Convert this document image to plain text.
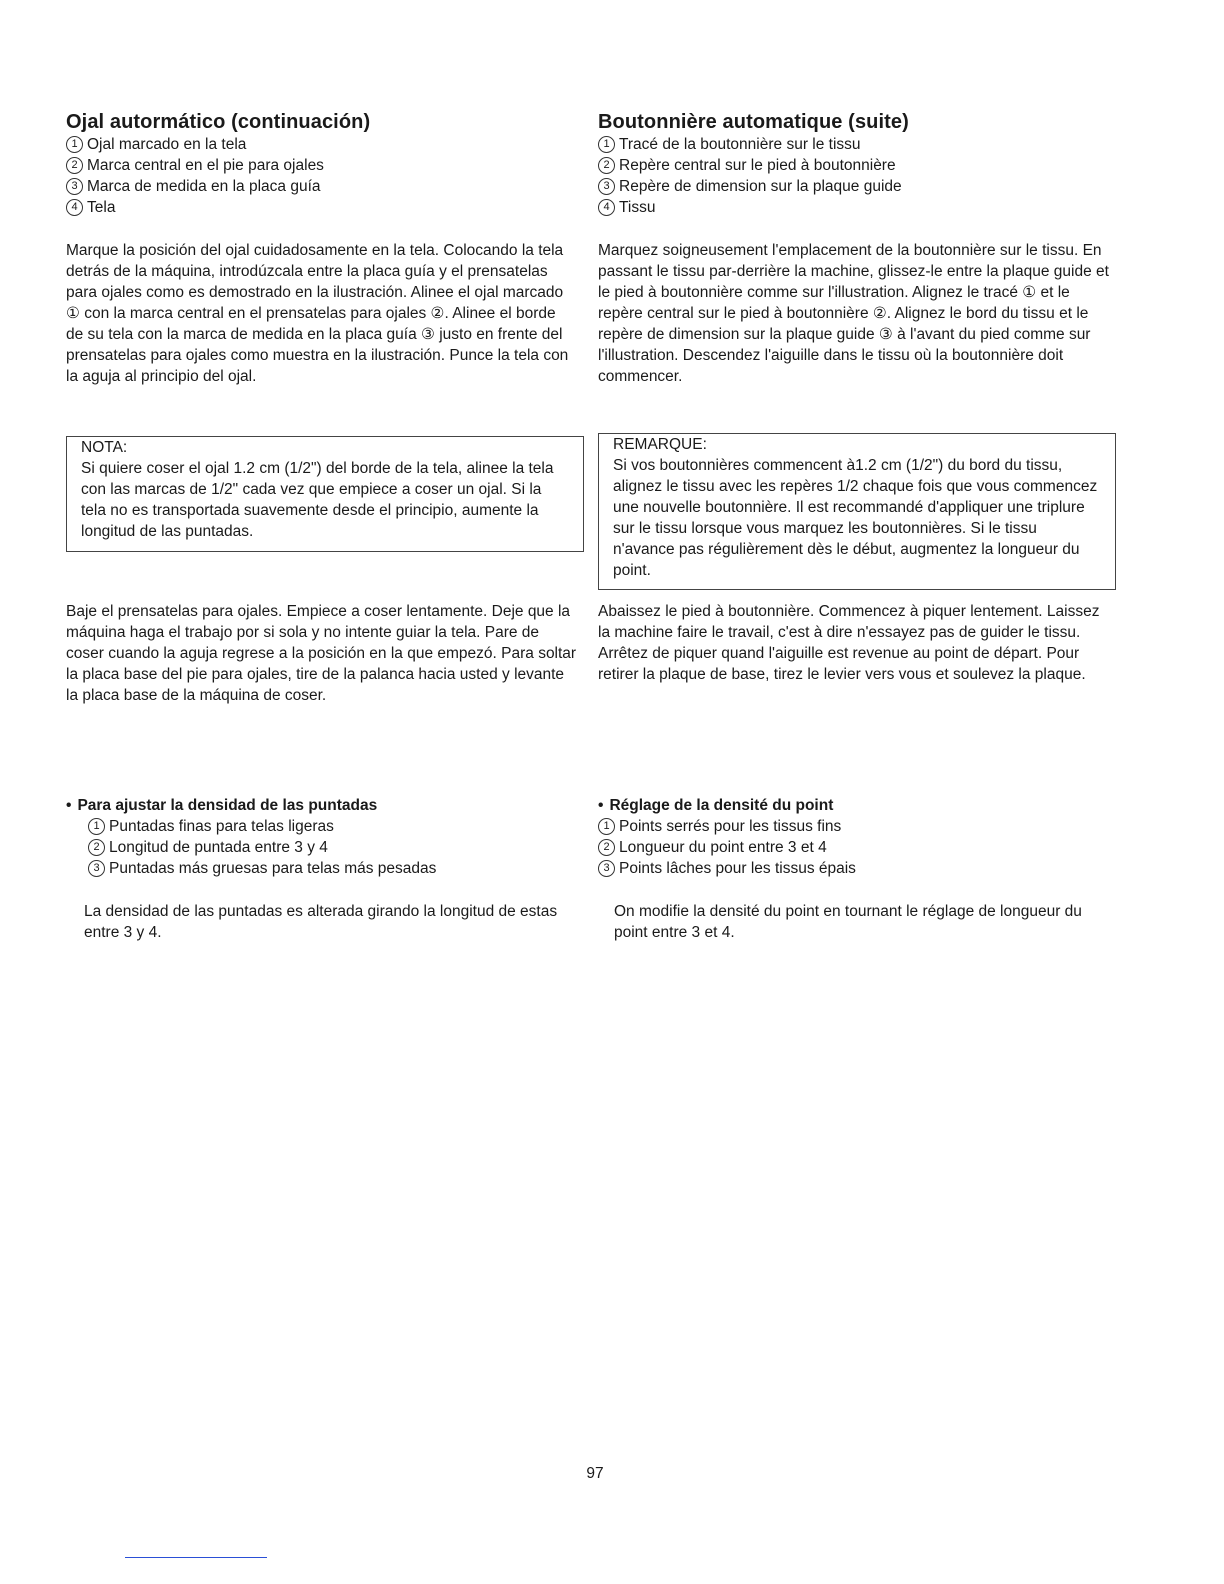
Ojal autormático (continuación)
1 Ojal marcado en la tela
2 Marca central en el pie para ojales
3 Marca de medida en la placa guía
4 Tela

Marque la posición del ojal cuidadosamente en la tela. Colocando la tela detrás de la máquina, introdúzcala entre la placa guía y el prensatelas para ojales como es demostrado en la ilustración. Alinee el ojal marcado ① con la marca central en el prensatelas para ojales ②. Alinee el borde de su tela con la marca de medida en la placa guía ③ justo en frente del prensatelas para ojales como muestra en la ilustración. Punce la tela con la aguja al principio del ojal.

NOTA:

Si quiere coser el ojal 1.2 cm (1/2") del borde de la tela, alinee la tela con las marcas de 1/2" cada vez que empiece a coser un ojal. Si la tela no es transportada suavemente desde el principio, aumente la longitud de las puntadas.

Baje el prensatelas para ojales. Empiece a coser lentamente. Deje que la máquina haga el trabajo por si sola y no intente guiar la tela. Pare de coser cuando la aguja regrese a la posición en la que empezó. Para soltar la placa base del pie para ojales, tire de la palanca hacia usted y levante la placa base de la máquina de coser.

• Para ajustar la densidad de las puntadas
1 Puntadas finas para telas ligeras
2 Longitud de puntada entre 3 y 4
3 Puntadas más gruesas para telas más pesadas

La densidad de las puntadas es alterada girando la longitud de estas entre 3 y 4.

Boutonnière automatique (suite)
1 Tracé de la boutonnière sur le tissu
2 Repère central sur le pied à boutonnière
3 Repère de dimension sur la plaque guide
4 Tissu

Marquez soigneusement l'emplacement de la boutonnière sur le tissu. En passant le tissu par-derrière la machine, glissez-le entre la plaque guide et le pied à boutonnière comme sur l'illustration. Alignez le tracé ① et le repère central sur le pied à boutonnière ②. Alignez le bord du tissu et le repère de dimension sur la plaque guide ③ à l'avant du pied comme sur l'illustration. Descendez l'aiguille dans le tissu où la boutonnière doit commencer.

REMARQUE:

Si vos boutonnières commencent à1.2 cm (1/2") du bord du tissu, alignez le tissu avec les repères 1/2 chaque fois que vous commencez une nouvelle boutonnière. Il est recommandé d'appliquer une triplure sur le tissu lorsque vous marquez les boutonnières. Si le tissu n'avance pas régulièrement dès le début, augmentez la longueur du point.

Abaissez le pied à boutonnière. Commencez à piquer lentement. Laissez la machine faire le travail, c'est à dire n'essayez pas de guider le tissu. Arrêtez de piquer quand l'aiguille est revenue au point de départ. Pour retirer la plaque de base, tirez le levier vers vous et soulevez la plaque.

• Réglage de la densité du point
1 Points serrés pour les tissus fins
2 Longueur du point entre 3 et 4
3 Points lâches pour les tissus épais

On modifie la densité du point en tournant le réglage de longueur du point entre 3 et 4.

97
